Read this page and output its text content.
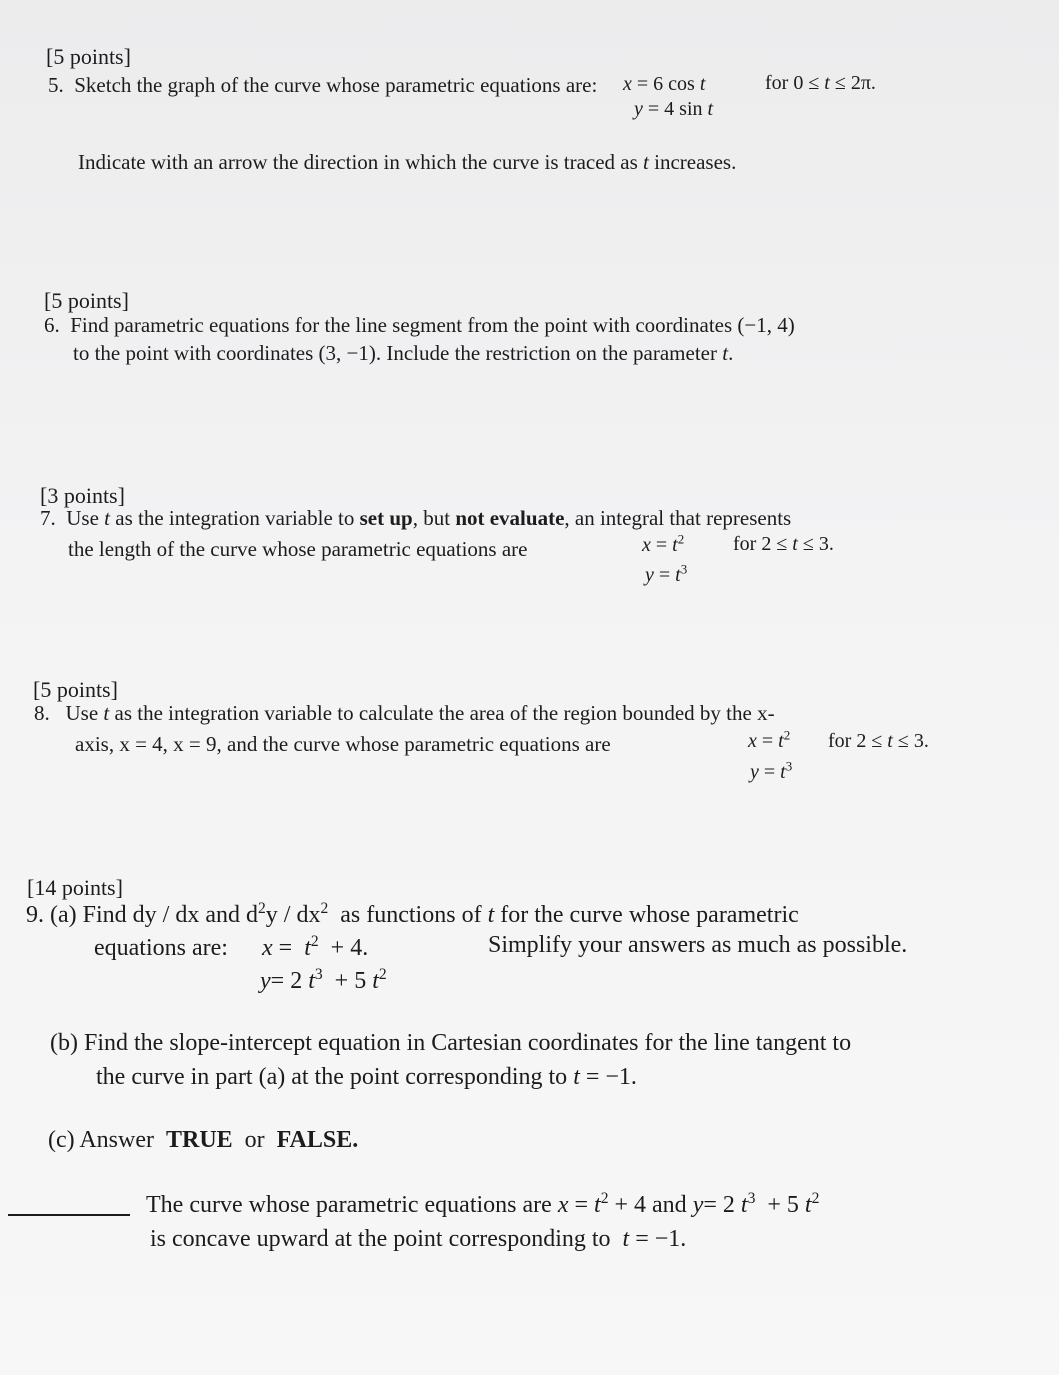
[5 points]
5. Sketch the graph of the curve whose parametric equations are: x = 6 cos t	for 0 ≤ t ≤ 2π.
y = 4 sin t
Indicate with an arrow the direction in which the curve is traced as t increases.
[5 points]
6. Find parametric equations for the line segment from the point with coordinates (−1, 4)
to the point with coordinates (3, −1). Include the restriction on the parameter t.
[3 points]
7. Use t as the integration variable to set up, but not evaluate, an integral that represents
the length of the curve whose parametric equations are	$x = t^2$ for 2 ≤ t ≤ 3.
$y = t^3$
[5 points]
8. Use t as the integration variable to calculate the area of the region bounded by the x-
axis, x = 4, x = 9, and the curve whose parametric equations are	$x = t^2$ for 2 ≤ t ≤ 3.
$y = t^3$
[14 points]
9. (a) Find dy / dx and $d^2y / dx^2$ as functions of t for the curve whose parametric
equations are: $x = t^2 + 4$.	Simplify your answers as much as possible.
y= 2 $t^3 + 5$ $t^2$
(b) Find the slope-intercept equation in Cartesian coordinates for the line tangent to
the curve in part (a) at the point corresponding to t = −1.
(c) Answer TRUE or FALSE.
The curve whose parametric equations are $x = t^2 + 4$ and y= 2 $t^3 + 5$ $t^2$
is concave upward at the point corresponding to t = −1.
